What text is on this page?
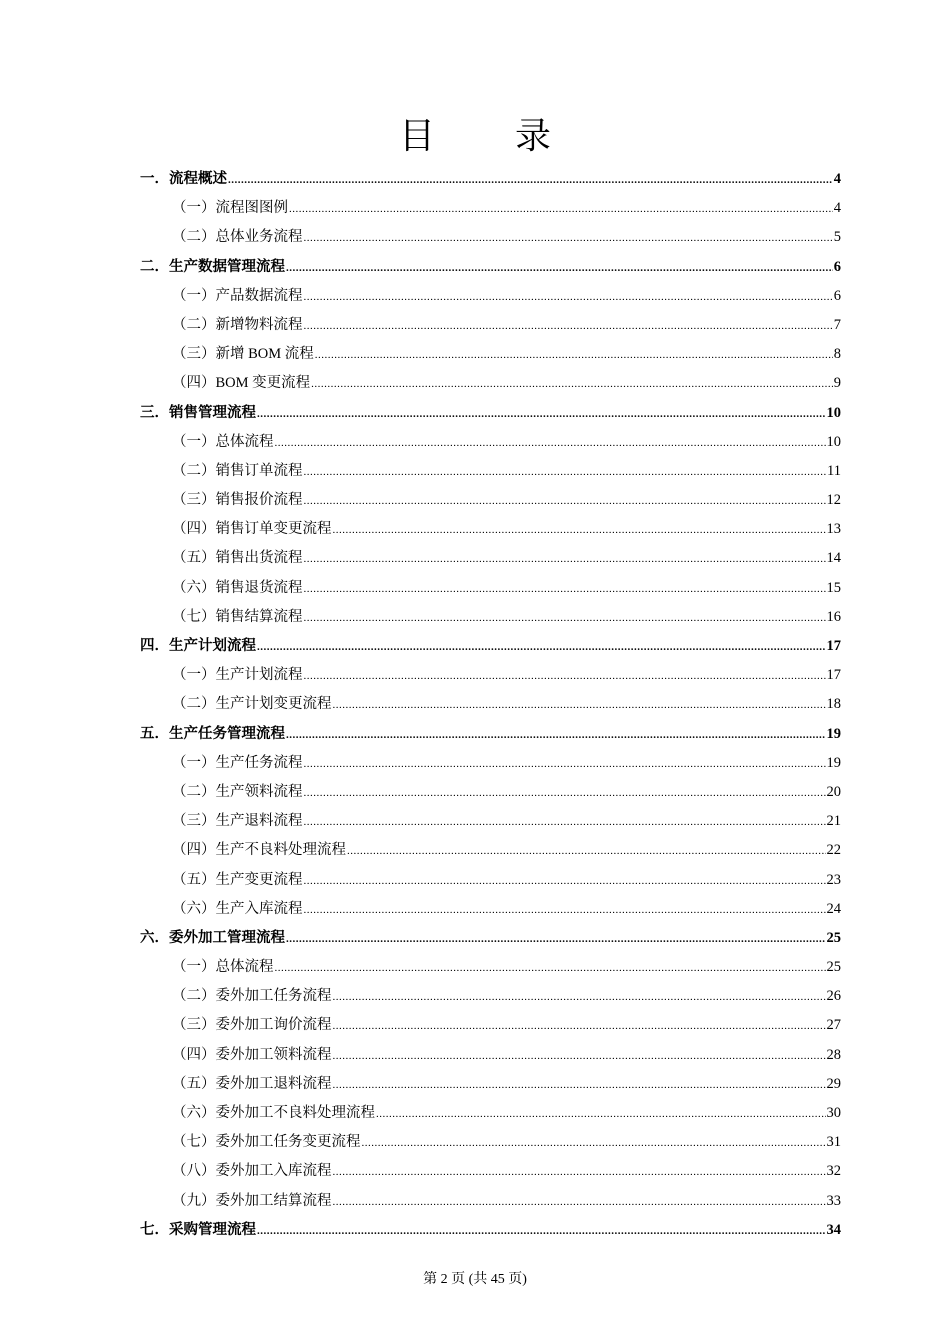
目 录
一．流程概述 .....	4
（一）流程图图例 .....	4
（二）总体业务流程 .....	5
二．生产数据管理流程 .....	6
（一）产品数据流程 .....	6
（二）新增物料流程 .....	7
（三）新增 BOM 流程 .....	8
（四）BOM 变更流程 .....	9
三．销售管理流程 .....	10
（一）总体流程 .....	10
（二）销售订单流程 .....	11
（三）销售报价流程 .....	12
（四）销售订单变更流程 .....	13
（五）销售出货流程 .....	14
（六）销售退货流程 .....	15
（七）销售结算流程 .....	16
四．生产计划流程 .....	17
（一）生产计划流程 .....	17
（二）生产计划变更流程 .....	18
五．生产任务管理流程 .....	19
（一）生产任务流程 .....	19
（二）生产领料流程 .....	20
（三）生产退料流程 .....	21
（四）生产不良料处理流程 .....	22
（五）生产变更流程 .....	23
（六）生产入库流程 .....	24
六．委外加工管理流程 .....	25
（一）总体流程 .....	25
（二）委外加工任务流程 .....	26
（三）委外加工询价流程 .....	27
（四）委外加工领料流程 .....	28
（五）委外加工退料流程 .....	29
（六）委外加工不良料处理流程 .....	30
（七）委外加工任务变更流程 .....	31
（八）委外加工入库流程 .....	32
（九）委外加工结算流程 .....	33
七．采购管理流程 .....	34
第 2 页 (共 45 页)
